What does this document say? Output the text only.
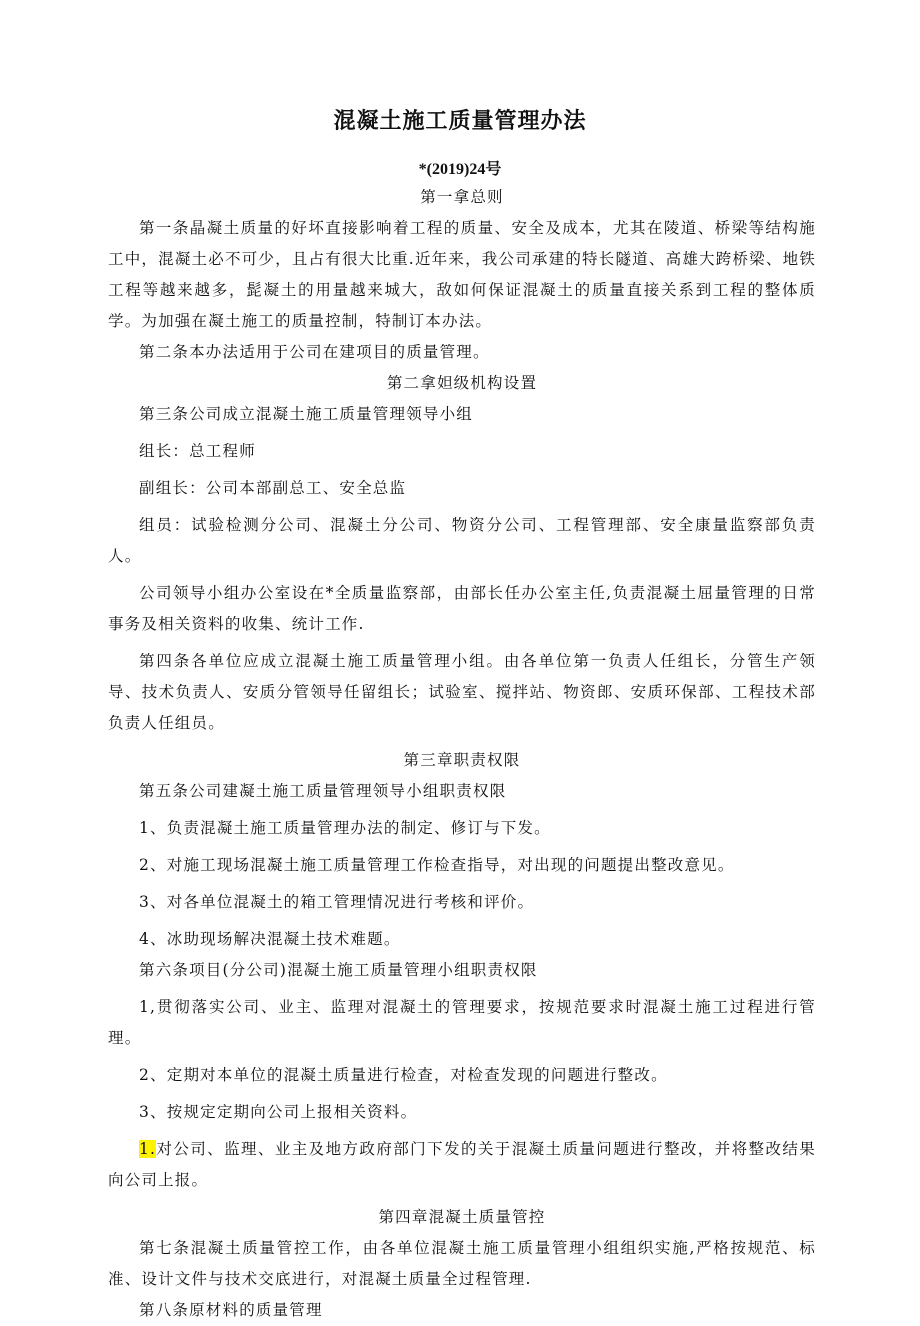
混凝土施工质量管理办法
*(2019)24号

第一拿总则

第一条晶凝土质量的好坏直接影响着工程的质量、安全及成本，尤其在陵道、桥梁等结构施工中，混凝土必不可少，且占有很大比重.近年来，我公司承建的特长隧道、高雄大跨桥梁、地铁工程等越来越多，髭凝土的用量越来城大，敌如何保证混凝土的质量直接关系到工程的整体质学。为加强在凝土施工的质量控制，特制订本办法。

第二条本办法适用于公司在建项目的质量管理。

第二拿妲级机构设置

第三条公司成立混凝土施工质量管理领导小组

组长：总工程师

副组长：公司本部副总工、安全总监

组员：试验检测分公司、混凝土分公司、物资分公司、工程管理部、安全康量监察部负责人。

公司领导小组办公室设在*全质量监察部，由部长任办公室主任,负责混凝土屈量管理的日常事务及相关资料的收集、统计工作.

第四条各单位应成立混凝土施工质量管理小组。由各单位第一负责人任组长，分管生产领导、技术负责人、安质分管领导任留组长；试验室、搅拌站、物资郎、安质环保部、工程技术部负责人任组员。

第三章职责权限

第五条公司建凝土施工质量管理领导小组职责权限

1、负责混凝土施工质量管理办法的制定、修订与下发。

2、对施工现场混凝土施工质量管理工作检查指导，对出现的问题提出整改意见。

3、对各单位混凝土的箱工管理情况进行考核和评价。

4、冰助现场解决混凝土技术难题。

第六条项目(分公司)混凝土施工质量管理小组职责权限

1,贯彻落实公司、业主、监理对混凝土的管理要求，按规范要求时混凝土施工过程进行管理。

2、定期对本单位的混凝土质量进行检查，对检查发现的问题进行整改。

3、按规定定期向公司上报相关资料。

1.对公司、监理、业主及地方政府部门下发的关于混凝土质量问题进行整改，并将整改结果向公司上报。

第四章混凝土质量管控

第七条混凝土质量管控工作，由各单位混凝土施工质量管理小组组织实施,严格按规范、标准、设计文件与技术交底进行，对混凝土质量全过程管理.

第八条原材料的质量管理
